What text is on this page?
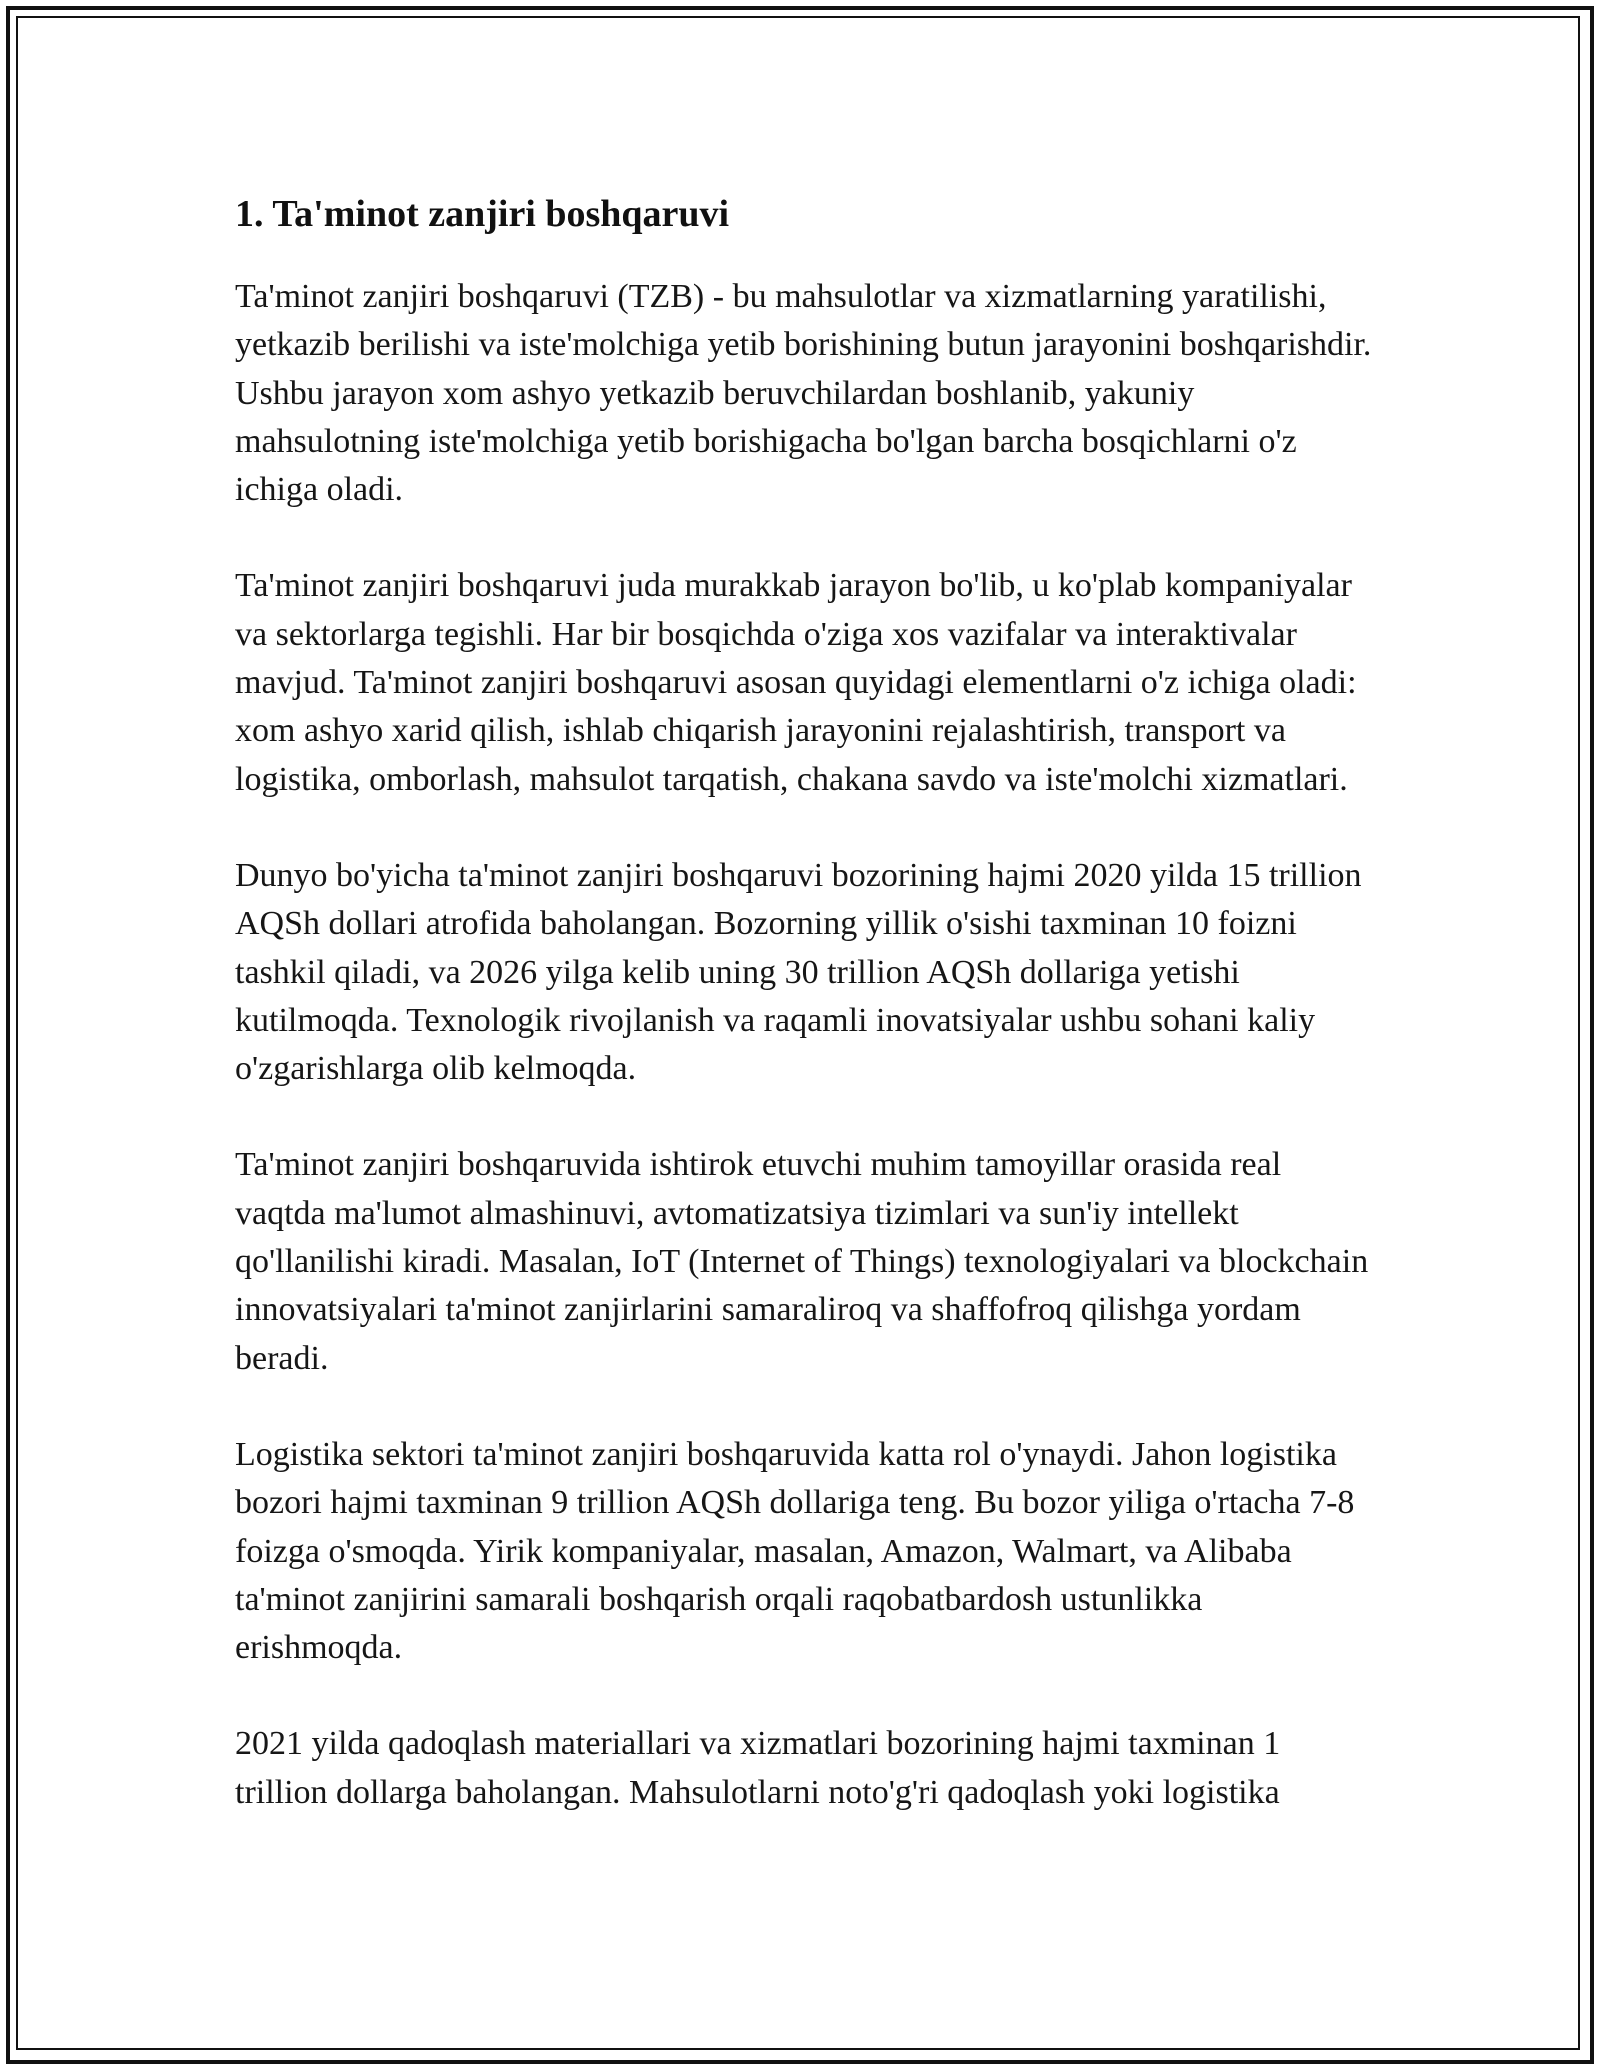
1. Ta'minot zanjiri boshqaruvi

Ta'minot zanjiri boshqaruvi (TZB) - bu mahsulotlar va xizmatlarning yaratilishi, yetkazib berilishi va iste'molchiga yetib borishining butun jarayonini boshqarishdir. Ushbu jarayon xom ashyo yetkazib beruvchilardan boshlanib, yakuniy mahsulotning iste'molchiga yetib borishigacha bo'lgan barcha bosqichlarni o'z ichiga oladi.

Ta'minot zanjiri boshqaruvi juda murakkab jarayon bo'lib, u ko'plab kompaniyalar va sektorlarga tegishli. Har bir bosqichda o'ziga xos vazifalar va interaktivalar mavjud. Ta'minot zanjiri boshqaruvi asosan quyidagi elementlarni o'z ichiga oladi: xom ashyo xarid qilish, ishlab chiqarish jarayonini rejalashtirish, transport va logistika, omborlash, mahsulot tarqatish, chakana savdo va iste'molchi xizmatlari.

Dunyo bo'yicha ta'minot zanjiri boshqaruvi bozorining hajmi 2020 yilda 15 trillion AQSh dollari atrofida baholangan. Bozorning yillik o'sishi taxminan 10 foizni tashkil qiladi, va 2026 yilga kelib uning 30 trillion AQSh dollariga yetishi kutilmoqda. Texnologik rivojlanish va raqamli inovatsiyalar ushbu sohani kaliy o'zgarishlarga olib kelmoqda.

Ta'minot zanjiri boshqaruvida ishtirok etuvchi muhim tamoyillar orasida real vaqtda ma'lumot almashinuvi, avtomatizatsiya tizimlari va sun'iy intellekt qo'llanilishi kiradi. Masalan, IoT (Internet of Things) texnologiyalari va blockchain innovatsiyalari ta'minot zanjirlarini samaraliroq va shaffofroq qilishga yordam beradi.

Logistika sektori ta'minot zanjiri boshqaruvida katta rol o'ynaydi. Jahon logistika bozori hajmi taxminan 9 trillion AQSh dollariga teng. Bu bozor yiliga o'rtacha 7-8 foizga o'smoqda. Yirik kompaniyalar, masalan, Amazon, Walmart, va Alibaba ta'minot zanjirini samarali boshqarish orqali raqobatbardosh ustunlikka erishmoqda.

2021 yilda qadoqlash materiallari va xizmatlari bozorining hajmi taxminan 1 trillion dollarga baholangan. Mahsulotlarni noto'g'ri qadoqlash yoki logistika
